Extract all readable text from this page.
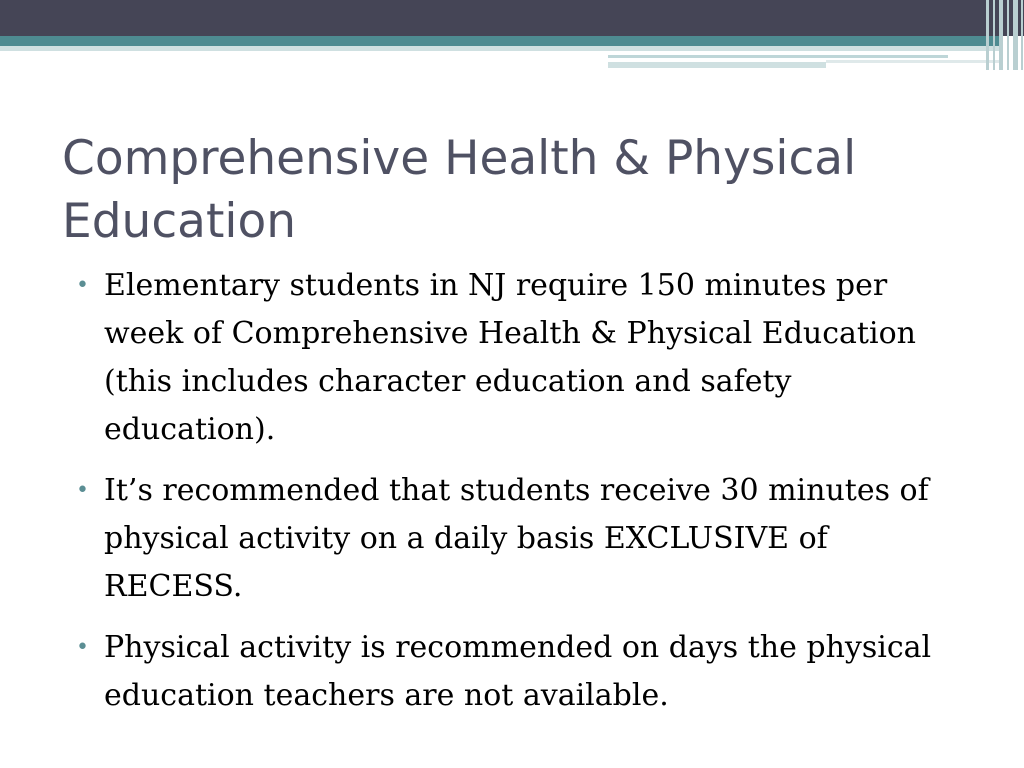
Comprehensive Health & Physical Education
• Elementary students in NJ require 150 minutes per week of Comprehensive Health & Physical Education (this includes character education and safety education).
• It’s recommended that students receive 30 minutes of physical activity on a daily basis EXCLUSIVE of RECESS.
• Physical activity is recommended on days the physical education teachers are not available.
